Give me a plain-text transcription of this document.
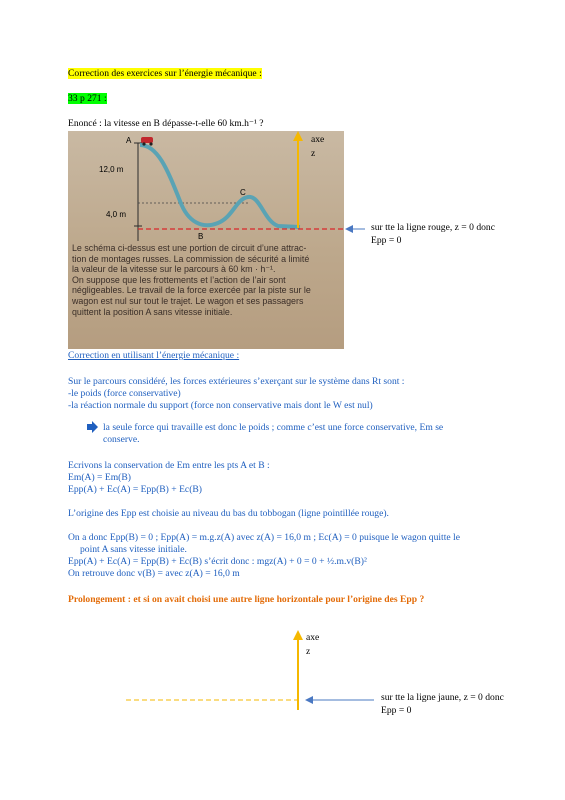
Correction des exercices sur l’énergie mécanique :
33 p 271 :
Enoncé : la vitesse en B dépasse-t-elle 60 km.h⁻¹ ?
A
12,0 m
4,0 m
C
B
Le schéma ci-dessus est une portion de circuit d’une attrac-
tion de montages russes. La commission de sécurité a limité
la valeur de la vitesse sur le parcours à 60 km · h⁻¹.
On suppose que les frottements et l’action de l’air sont
négligeables. Le travail de la force exercée par la piste sur le
wagon est nul sur tout le trajet. Le wagon et ses passagers
quittent la position A sans vitesse initiale.
axe
z
sur tte la ligne rouge, z = 0 donc
Epp = 0
Correction en utilisant l’énergie mécanique :
Sur le parcours considéré, les forces extérieures s’exerçant sur le système dans Rt sont :
-le poids (force conservative)
-la réaction normale du support (force non conservative mais dont le W est nul)
la seule force qui travaille est donc le poids ; comme c’est une force conservative, Em se
conserve.
Ecrivons la conservation de Em entre les pts A et B :
Em(A) = Em(B)
Epp(A) + Ec(A) = Epp(B) + Ec(B)
L’origine des Epp est choisie au niveau du bas du tobbogan (ligne pointillée rouge).
On a donc Epp(B) = 0 ; Epp(A) = m.g.z(A) avec z(A) = 16,0 m ; Ec(A) = 0 puisque le wagon quitte le
point A sans vitesse initiale.
Epp(A) + Ec(A) = Epp(B) + Ec(B) s’écrit donc : mgz(A) + 0 = 0 + ½.m.v(B)²
On retrouve donc v(B) = avec z(A) = 16,0 m
Prolongement : et si on avait choisi une autre ligne horizontale pour l’origine des Epp ?
axe
z
sur tte la ligne jaune, z = 0 donc
Epp = 0
